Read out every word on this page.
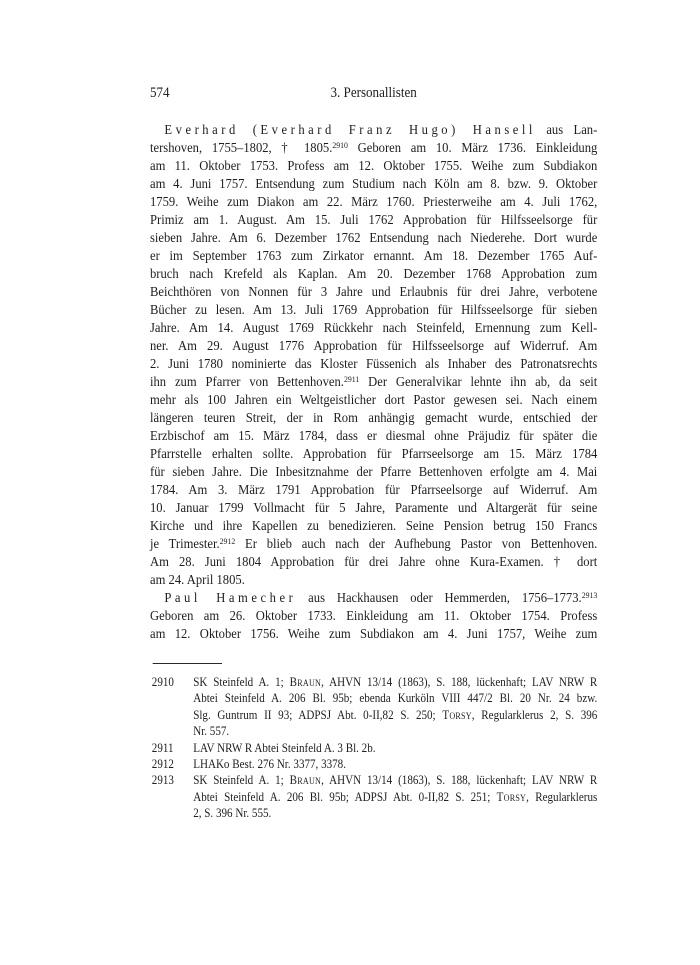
574	3. Personallisten
Everhard (Everhard Franz Hugo) Hansell aus Lan-
tershoven, 1755–1802, † 1805.$^{2910}$ Geboren am 10. März 1736. Einkleidung
am 11. Oktober 1753. Profess am 12. Oktober 1755. Weihe zum Subdiakon
am 4. Juni 1757. Entsendung zum Studium nach Köln am 8. bzw. 9. Oktober
1759. Weihe zum Diakon am 22. März 1760. Priesterweihe am 4. Juli 1762,
Primiz am 1. August. Am 15. Juli 1762 Approbation für Hilfsseelsorge für
sieben Jahre. Am 6. Dezember 1762 Entsendung nach Niederehe. Dort wurde
er im September 1763 zum Zirkator ernannt. Am 18. Dezember 1765 Auf-
bruch nach Krefeld als Kaplan. Am 20. Dezember 1768 Approbation zum
Beichthören von Nonnen für 3 Jahre und Erlaubnis für drei Jahre, verbotene
Bücher zu lesen. Am 13. Juli 1769 Approbation für Hilfsseelsorge für sieben
Jahre. Am 14. August 1769 Rückkehr nach Steinfeld, Ernennung zum Kell-
ner. Am 29. August 1776 Approbation für Hilfsseelsorge auf Widerruf. Am
2. Juni 1780 nominierte das Kloster Füssenich als Inhaber des Patronatsrechts
ihn zum Pfarrer von Bettenhoven.$^{2911}$ Der Generalvikar lehnte ihn ab, da seit
mehr als 100 Jahren ein Weltgeistlicher dort Pastor gewesen sei. Nach einem
längeren teuren Streit, der in Rom anhängig gemacht wurde, entschied der
Erzbischof am 15. März 1784, dass er diesmal ohne Präjudiz für später die
Pfarrstelle erhalten sollte. Approbation für Pfarrseelsorge am 15. März 1784
für sieben Jahre. Die Inbesitznahme der Pfarre Bettenhoven erfolgte am 4. Mai
1784. Am 3. März 1791 Approbation für Pfarrseelsorge auf Widerruf. Am
10. Januar 1799 Vollmacht für 5 Jahre, Paramente und Altargerät für seine
Kirche und ihre Kapellen zu benedizieren. Seine Pension betrug 150 Francs
je Trimester.$^{2912}$ Er blieb auch nach der Aufhebung Pastor von Bettenhoven.
Am 28. Juni 1804 Approbation für drei Jahre ohne Kura-Examen. † dort
am 24. April 1805.
Paul Hamecher aus Hackhausen oder Hemmerden, 1756–1773.$^{2913}$
Geboren am 26. Oktober 1733. Einkleidung am 11. Oktober 1754. Profess
am 12. Oktober 1756. Weihe zum Subdiakon am 4. Juni 1757, Weihe zum
2910 SK Steinfeld A. 1; Braun, AHVN 13/14 (1863), S. 188, lückenhaft; LAV NRW R
Abtei Steinfeld A. 206 Bl. 95b; ebenda Kurköln VIII 447/2 Bl. 20 Nr. 24 bzw.
Slg. Guntrum II 93; ADPSJ Abt. 0-II,82 S. 250; Torsy, Regularklerus 2, S. 396
Nr. 557.
2911 LAV NRW R Abtei Steinfeld A. 3 Bl. 2b.
2912 LHAKo Best. 276 Nr. 3377, 3378.
2913 SK Steinfeld A. 1; Braun, AHVN 13/14 (1863), S. 188, lückenhaft; LAV NRW R
Abtei Steinfeld A. 206 Bl. 95b; ADPSJ Abt. 0-II,82 S. 251; Torsy, Regularklerus
2, S. 396 Nr. 555.
